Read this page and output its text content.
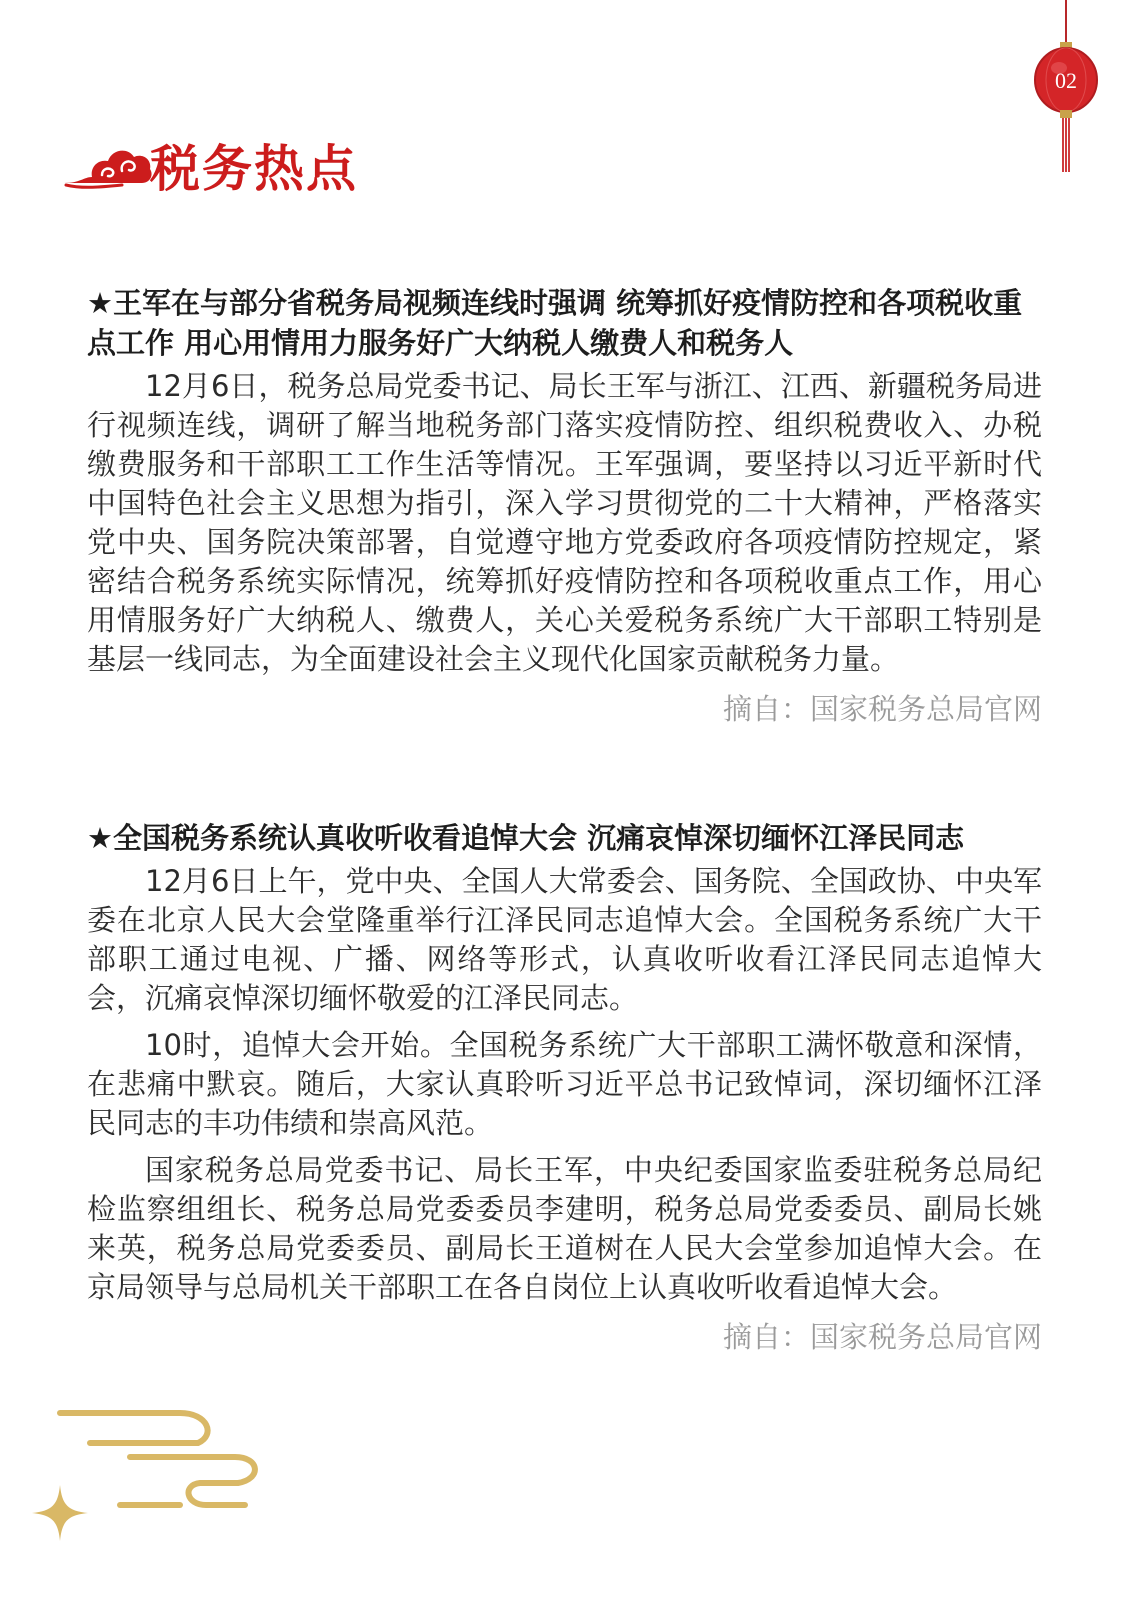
02
税务热点
★王军在与部分省税务局视频连线时强调 统筹抓好疫情防控和各项税收重点工作 用心用情用力服务好广大纳税人缴费人和税务人

12月6日，税务总局党委书记、局长王军与浙江、江西、新疆税务局进行视频连线，调研了解当地税务部门落实疫情防控、组织税费收入、办税缴费服务和干部职工工作生活等情况。王军强调，要坚持以习近平新时代中国特色社会主义思想为指引，深入学习贯彻党的二十大精神，严格落实党中央、国务院决策部署，自觉遵守地方党委政府各项疫情防控规定，紧密结合税务系统实际情况，统筹抓好疫情防控和各项税收重点工作，用心用情服务好广大纳税人、缴费人，关心关爱税务系统广大干部职工特别是基层一线同志，为全面建设社会主义现代化国家贡献税务力量。

摘自：国家税务总局官网
★全国税务系统认真收听收看追悼大会 沉痛哀悼深切缅怀江泽民同志

12月6日上午，党中央、全国人大常委会、国务院、全国政协、中央军委在北京人民大会堂隆重举行江泽民同志追悼大会。全国税务系统广大干部职工通过电视、广播、网络等形式，认真收听收看江泽民同志追悼大会，沉痛哀悼深切缅怀敬爱的江泽民同志。

10时，追悼大会开始。全国税务系统广大干部职工满怀敬意和深情，在悲痛中默哀。随后，大家认真聆听习近平总书记致悼词，深切缅怀江泽民同志的丰功伟绩和崇高风范。

国家税务总局党委书记、局长王军，中央纪委国家监委驻税务总局纪检监察组组长、税务总局党委委员李建明，税务总局党委委员、副局长姚来英，税务总局党委委员、副局长王道树在人民大会堂参加追悼大会。在京局领导与总局机关干部职工在各自岗位上认真收听收看追悼大会。

摘自：国家税务总局官网
